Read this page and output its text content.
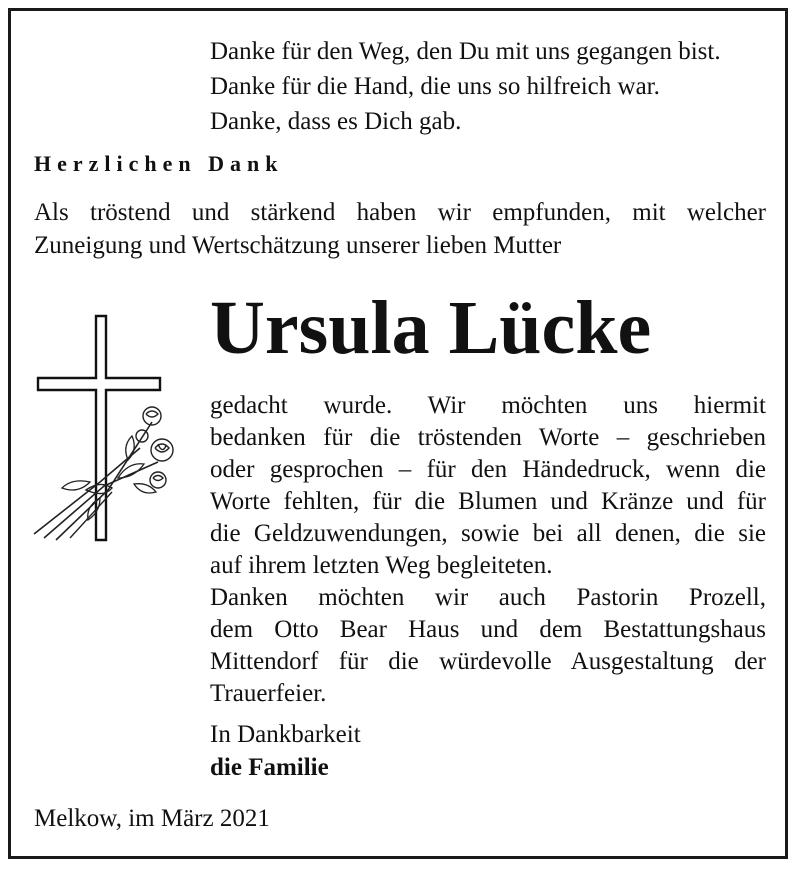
Danke für den Weg, den Du mit uns gegangen bist.
Danke für die Hand, die uns so hilfreich war.
Danke, dass es Dich gab.
Herzlichen Dank
Als tröstend und stärkend haben wir empfunden, mit welcher
Zuneigung und Wertschätzung unserer lieben Mutter
Ursula Lücke
gedacht wurde. Wir möchten uns hiermit
bedanken für die tröstenden Worte – geschrieben
oder gesprochen – für den Händedruck, wenn die
Worte fehlten, für die Blumen und Kränze und für
die Geldzuwendungen, sowie bei all denen, die sie
auf ihrem letzten Weg begleiteten.
Danken möchten wir auch Pastorin Prozell,
dem Otto Bear Haus und dem Bestattungshaus
Mittendorf für die würdevolle Ausgestaltung der
Trauerfeier.
In Dankbarkeit
die Familie
Melkow, im März 2021
